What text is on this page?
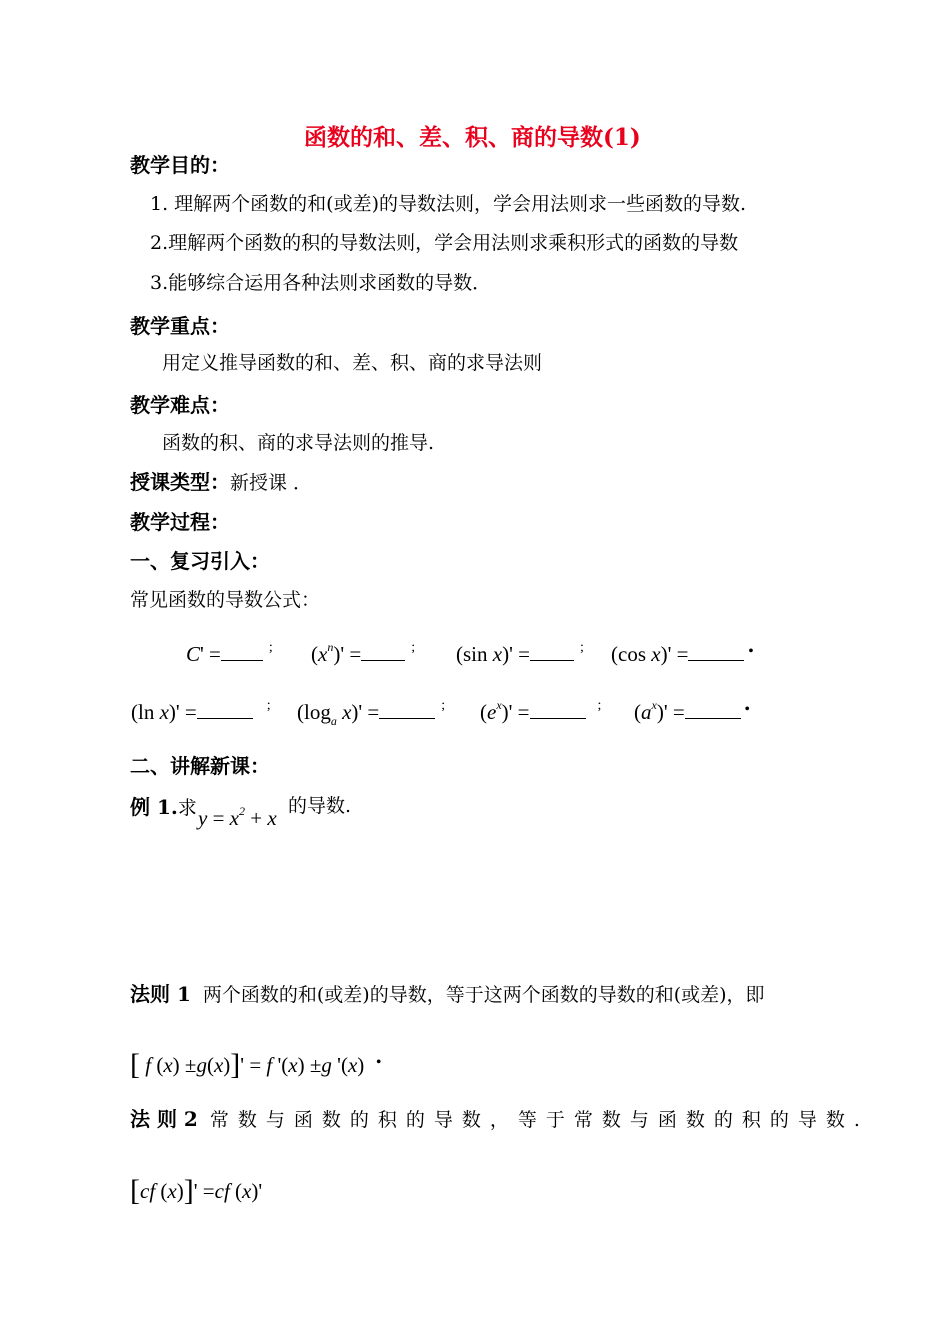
函数的和、差、积、商的导数(1)
教学目的：
1. 理解两个函数的和(或差)的导数法则，学会用法则求一些函数的导数.
2.理解两个函数的积的导数法则，学会用法则求乘积形式的函数的导数
3.能够综合运用各种法则求函数的导数．
教学重点：
用定义推导函数的和、差、积、商的求导法则
教学难点：
函数的积、商的求导法则的推导.
授课类型：新授课 ．
教学过程：
一、复习引入：
常见函数的导数公式：
C' =	; $(x^n)'$ =	; (sin x)' =	; (cos x)' =	•
(ln x)' =	; ($\log_a$ x)' =	; $(e^x)'$ =	; $(a^x)'$ =	•
二、讲解新课：
例 1.求 $y = x^2 + x$ 的导数.
法则 1 两个函数的和(或差)的导数，等于这两个函数的导数的和(或差)，即
[ f (x) ±g(x)]' = f '(x) ±g '(x) •
法 则 2 常数与函数的积的导数，等于常数与函数的积的导数.
[cf (x)]' =cf (x)'
